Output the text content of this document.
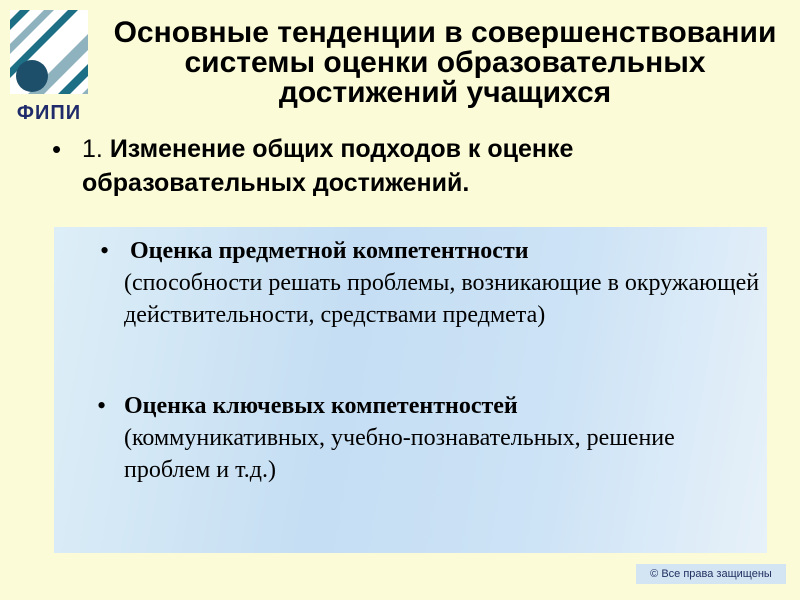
ФИПИ
Основные тенденции в совершенствовании системы оценки образовательных достижений учащихся
• 1. Изменение общих подходов к оценке образовательных достижений.
• Оценка предметной компетентности
(способности решать проблемы, возникающие в окружающей действительности, средствами предмета)
• Оценка ключевых компетентностей
(коммуникативных, учебно-познавательных, решение проблем и т.д.)
© Все права защищены
